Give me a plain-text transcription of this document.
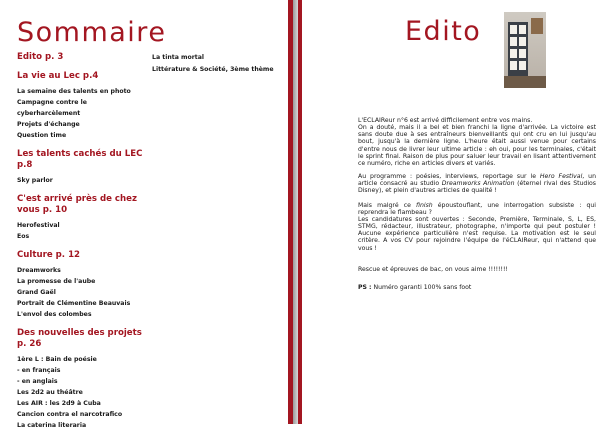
Sommaire
Edito p. 3
La vie au Lec p.4
La semaine des talents en photo
Campagne contre le cyberharcèlement
Projets d'échange
Question time
Les talents cachés du LEC p.8
Sky parlor
C'est arrivé près de chez vous p. 10
Herofestival
Eos
Culture p. 12
Dreamworks
La promesse de l'aube
Grand Gaël
Portrait de Clémentine Beauvais
L'envol des colombes
Des nouvelles des projets p. 26
1ère L : Bain de poésie
- en français
- en anglais
Les 2d2 au théâtre
Les AIR : les 2d9 à Cuba
Cancion contra el narcotrafico
La caterina literaria
La tinta mortal
Littérature & Société, 3ème thème
Edito

L'ECLAIReur n°6 est arrivé difficilement entre vos mains.

On a douté, mais il a bel et bien franchi la ligne d'arrivée. La victoire est sans doute due à ses entraîneurs bienveillants qui ont cru en lui jusqu'au bout, jusqu'à la dernière ligne. L'heure était aussi venue pour certains d'entre nous de livrer leur ultime article : eh oui, pour les terminales, c'était le sprint final. Raison de plus pour saluer leur travail en lisant attentivement ce numéro, riche en articles divers et variés.

Au programme : poésies, interviews, reportage sur le Hero Festival, un article consacré au studio Dreamworks Animation (éternel rival des Studios Disney), et plein d'autres articles de qualité !

Mais malgré ce finish époustouflant, une interrogation subsiste : qui reprendra le flambeau ?

Les candidatures sont ouvertes : Seconde, Première, Terminale, S, L, ES, STMG, rédacteur, illustrateur, photographe, n'importe qui peut postuler ! Aucune expérience particulière n'est requise. La motivation est le seul critère. A vos CV pour rejoindre l'équipe de l'éCLAIReur, qui n'attend que vous !

Rescue et épreuves de bac, on vous aime !!!!!!!!

PS : Numéro garanti 100% sans foot
